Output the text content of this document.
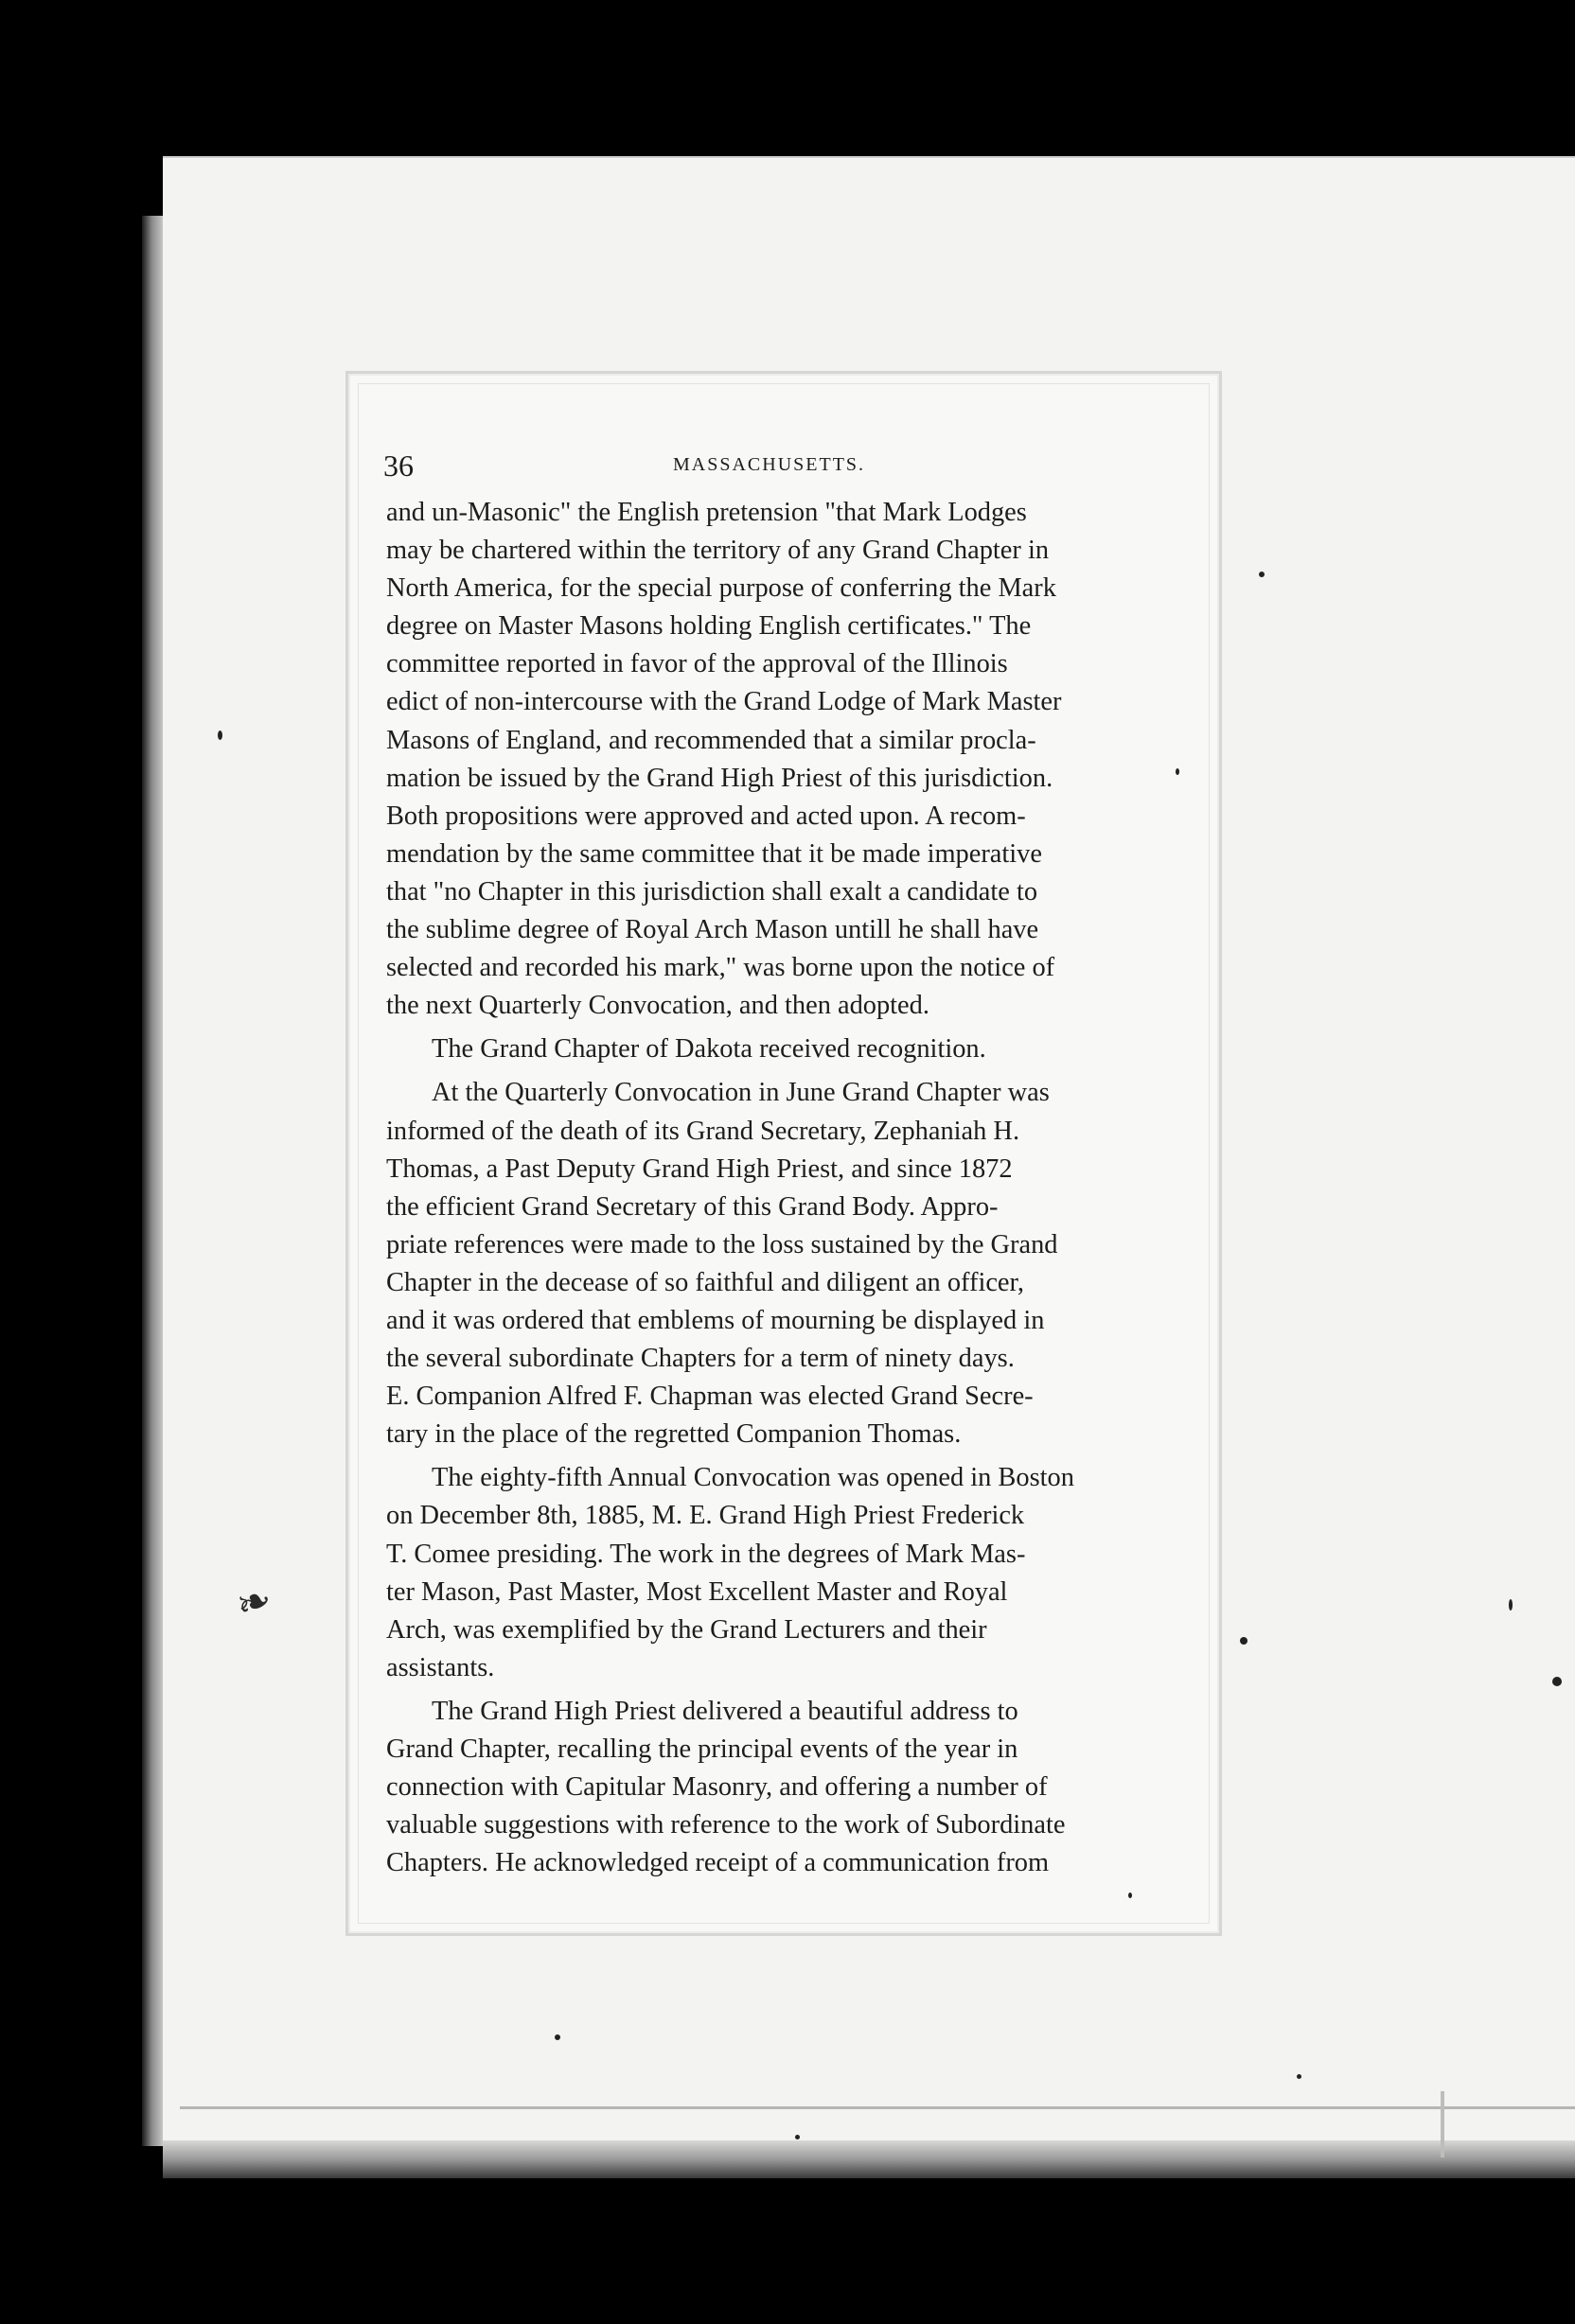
36	MASSACHUSETTS.

and un-Masonic" the English pretension "that Mark Lodges
may be chartered within the territory of any Grand Chapter in
North America, for the special purpose of conferring the Mark
degree on Master Masons holding English certificates." The
committee reported in favor of the approval of the Illinois
edict of non-intercourse with the Grand Lodge of Mark Master
Masons of England, and recommended that a similar procla-
mation be issued by the Grand High Priest of this jurisdiction.
Both propositions were approved and acted upon. A recom-
mendation by the same committee that it be made imperative
that "no Chapter in this jurisdiction shall exalt a candidate to
the sublime degree of Royal Arch Mason untill he shall have
selected and recorded his mark," was borne upon the notice of
the next Quarterly Convocation, and then adopted.

The Grand Chapter of Dakota received recognition.

At the Quarterly Convocation in June Grand Chapter was
informed of the death of its Grand Secretary, Zephaniah H.
Thomas, a Past Deputy Grand High Priest, and since 1872
the efficient Grand Secretary of this Grand Body. Appro-
priate references were made to the loss sustained by the Grand
Chapter in the decease of so faithful and diligent an officer,
and it was ordered that emblems of mourning be displayed in
the several subordinate Chapters for a term of ninety days.
E. Companion Alfred F. Chapman was elected Grand Secre-
tary in the place of the regretted Companion Thomas.

The eighty-fifth Annual Convocation was opened in Boston
on December 8th, 1885, M. E. Grand High Priest Frederick
T. Comee presiding. The work in the degrees of Mark Mas-
ter Mason, Past Master, Most Excellent Master and Royal
Arch, was exemplified by the Grand Lecturers and their
assistants.

The Grand High Priest delivered a beautiful address to
Grand Chapter, recalling the principal events of the year in
connection with Capitular Masonry, and offering a number of
valuable suggestions with reference to the work of Subordinate
Chapters. He acknowledged receipt of a communication from

❧
